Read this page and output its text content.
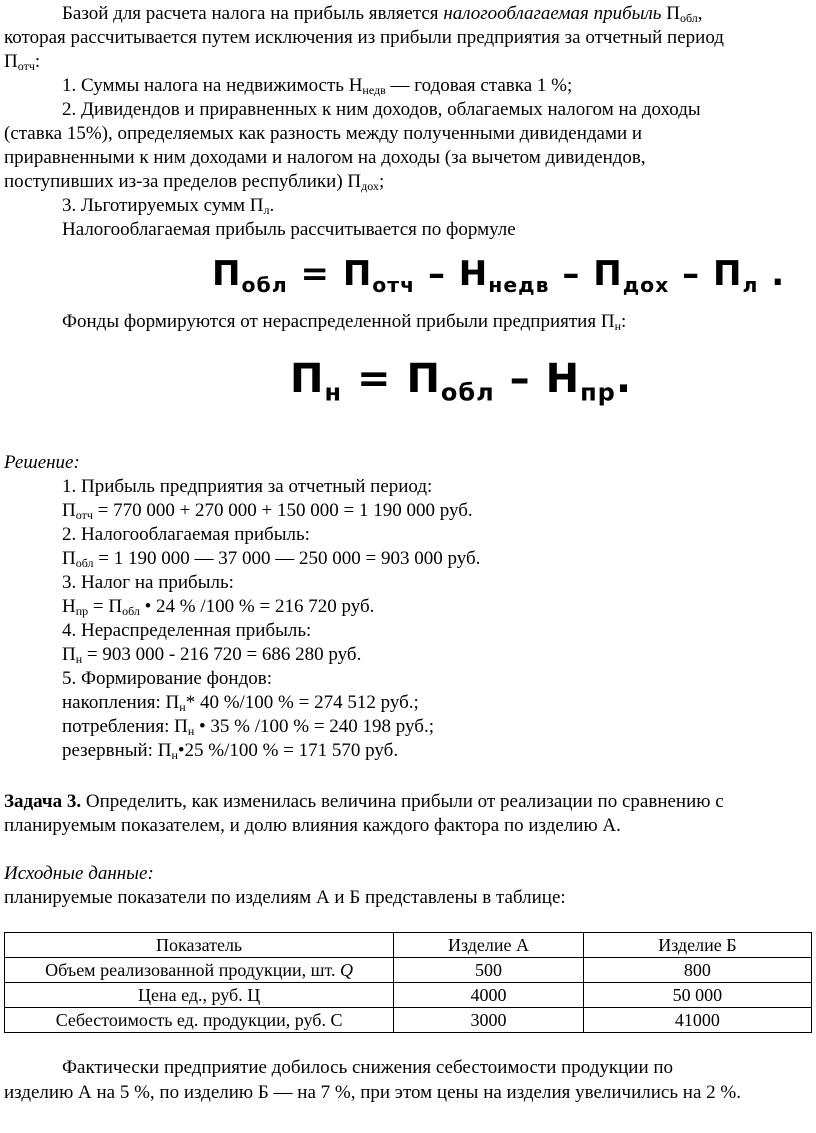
Базой для расчета налога на прибыль является налогооблагаемая прибыль $П_{обл}$,
которая рассчитывается путем исключения из прибыли предприятия за отчетный период
$П_{отч}$:
1. Суммы налога на недвижимость $Н_{недв}$ — годовая ставка 1 %;
2. Дивидендов и приравненных к ним доходов, облагаемых налогом на доходы
(ставка 15%), определяемых как разность между полученными дивидендами и
приравненными к ним доходами и налогом на доходы (за вычетом дивидендов,
поступивших из-за пределов республики) $П_{дох}$;
3. Льготируемых сумм $П_л$.
Налогооблагаемая прибыль рассчитывается по формуле
$П_{обл} = П_{отч} - Н_{недв} - П_{дох} - П_л$ .
Фонды формируются от нераспределенной прибыли предприятия $П_н$:
$П_н = П_{обл} - Н_{пр}$.
Решение:
1. Прибыль предприятия за отчетный период:
$П_{отч} = 770$ 000 + 270 000 + 150 000 = 1 190 000 руб.
2. Налогооблагаемая прибыль:
$П_{обл} = 1$ 190 000 — 37 000 — 250 000 = 903 000 руб.
3. Налог на прибыль:
$Н_{пр} = П_{обл}$ • 24 % /100 % = 216 720 руб.
4. Нераспределенная прибыль:
$П_н = 903$ 000 - 216 720 = 686 280 руб.
5. Формирование фондов:
накопления: $П_н*$ 40 %/100 % = 274 512 руб.;
потребления: $П_н$ • 35 % /100 % = 240 198 руб.;
резервный: $П_н•25$ %/100 % = 171 570 руб.
Задача 3. Определить, как изменилась величина прибыли от реализации по сравнению с
планируемым показателем, и долю влияния каждого фактора по изделию А.
Исходные данные:
планируемые показатели по изделиям А и Б представлены в таблице:
Показатель	Изделие А	Изделие Б
Объем реализованной продукции, шт. Q	500	800
Цена ед., руб. Ц	4000	50 000
Себестоимость ед. продукции, руб. С	3000	41000
Фактически предприятие добилось снижения себестоимости продукции по
изделию А на 5 %, по изделию Б — на 7 %, при этом цены на изделия увеличились на 2 %.
